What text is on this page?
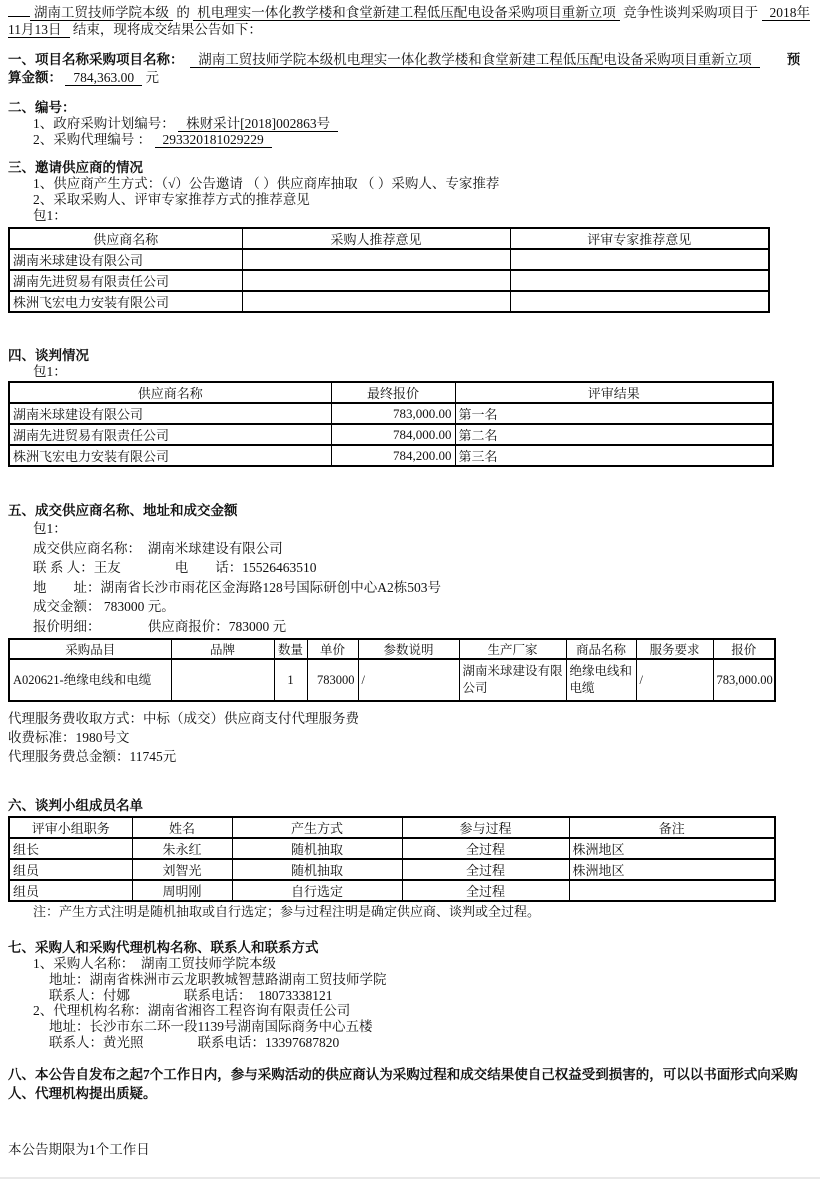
湖南工贸技师学院本级 的 机电理实一体化教学楼和食堂新建工程低压配电设备采购项目重新立项 竞争性谈判采购项目于 2018年11月13日 结束，现将成交结果公告如下：

一、项目名称采购项目名称：　 湖南工贸技师学院本级机电理实一体化教学楼和食堂新建工程低压配电设备采购项目重新立项　　	预算金额： 784,363.00 元

二、编号：

1、政府采购计划编号： 株财采计[2018]002863号

2、采购代理编号 ： 293320181029229

三、邀请供应商的情况

1、供应商产生方式：（√）公告邀请 （ ）供应商库抽取 （ ）采购人、专家推荐

2、采取采购人、评审专家推荐方式的推荐意见

包1：

供应商名称	采购人推荐意见	评审专家推荐意见
湖南米球建设有限公司		
湖南先进贸易有限责任公司		
株洲飞宏电力安装有限公司		

四、谈判情况

包1：

供应商名称	最终报价	评审结果
湖南米球建设有限公司	783,000.00	第一名
湖南先进贸易有限责任公司	784,000.00	第二名
株洲飞宏电力安装有限公司	784,200.00	第三名

五、成交供应商名称、地址和成交金额

包1：

成交供应商名称：　 湖南米球建设有限公司

联 系 人：王友　　　　	电　　话：15526463510

地　　址：湖南省长沙市雨花区金海路128号国际研创中心A2栋503号

成交金额： 783000 元。

报价明细：　　　　	供应商报价：783000 元

采购品目	品牌	数量	单价	参数说明	生产厂家	商品名称	服务要求	报价
A020621-绝缘电线和电缆		1	783000	/	湖南米球建设有限公司	绝缘电线和电缆	/	783,000.00

代理服务费收取方式：中标（成交）供应商支付代理服务费

收费标准：1980号文

代理服务费总金额：11745元

六、谈判小组成员名单

评审小组职务	姓名	产生方式	参与过程	备注
组长	朱永红	随机抽取	全过程	株洲地区
组员	刘智光	随机抽取	全过程	株洲地区
组员	周明刚	自行选定	全过程	

注：产生方式注明是随机抽取或自行选定；参与过程注明是确定供应商、谈判或全过程。

七、采购人和采购代理机构名称、联系人和联系方式

1、采购人名称：　湖南工贸技师学院本级

地址：湖南省株洲市云龙职教城智慧路湖南工贸技师学院

联系人：付娜　　　　联系电话：　18073338121

2、代理机构名称：湖南省湘咨工程咨询有限责任公司

地址：长沙市东二环一段1139号湖南国际商务中心五楼

联系人：黄光照　　　　联系电话：13397687820

八、本公告自发布之起7个工作日内，参与采购活动的供应商认为采购过程和成交结果使自己权益受到损害的，可以以书面形式向采购人、代理机构提出质疑。

本公告期限为1个工作日
